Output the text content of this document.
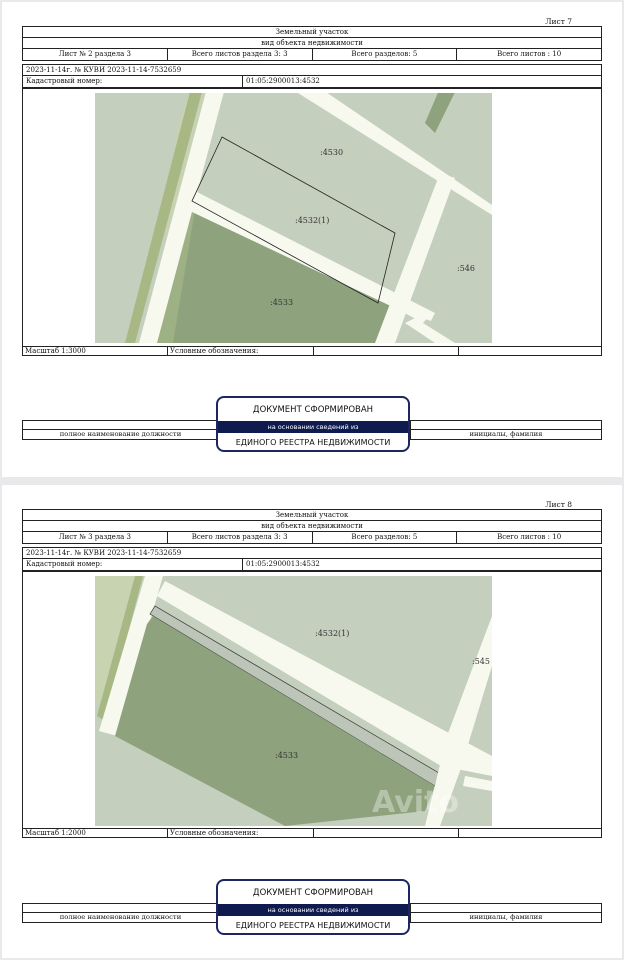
Лист 7
Земельный участок
вид объекта недвижимости
Лист № 2 раздела 3	Всего листов раздела 3: 3	Всего разделов: 5	Всего листов : 10
2023-11-14г. № КУВИ 2023-11-14-7532659
Кадастровый номер:	01:05:2900013:4532
:4530
:4532(1)
:546
:4533
Масштаб 1:3000	Условные обозначения:
полное наименование должности	инициалы, фамилия
ДОКУМЕНТ СФОРМИРОВАН
на основании сведений из
ЕДИНОГО РЕЕСТРА НЕДВИЖИМОСТИ
Лист 8
Земельный участок
вид объекта недвижимости
Лист № 3 раздела 3	Всего листов раздела 3: 3	Всего разделов: 5	Всего листов : 10
2023-11-14г. № КУВИ 2023-11-14-7532659
Кадастровый номер:	01:05:2900013:4532
:4532(1)
:545
:4533
Avito
Масштаб 1:2000	Условные обозначения:
полное наименование должности	инициалы, фамилия
ДОКУМЕНТ СФОРМИРОВАН
на основании сведений из
ЕДИНОГО РЕЕСТРА НЕДВИЖИМОСТИ
